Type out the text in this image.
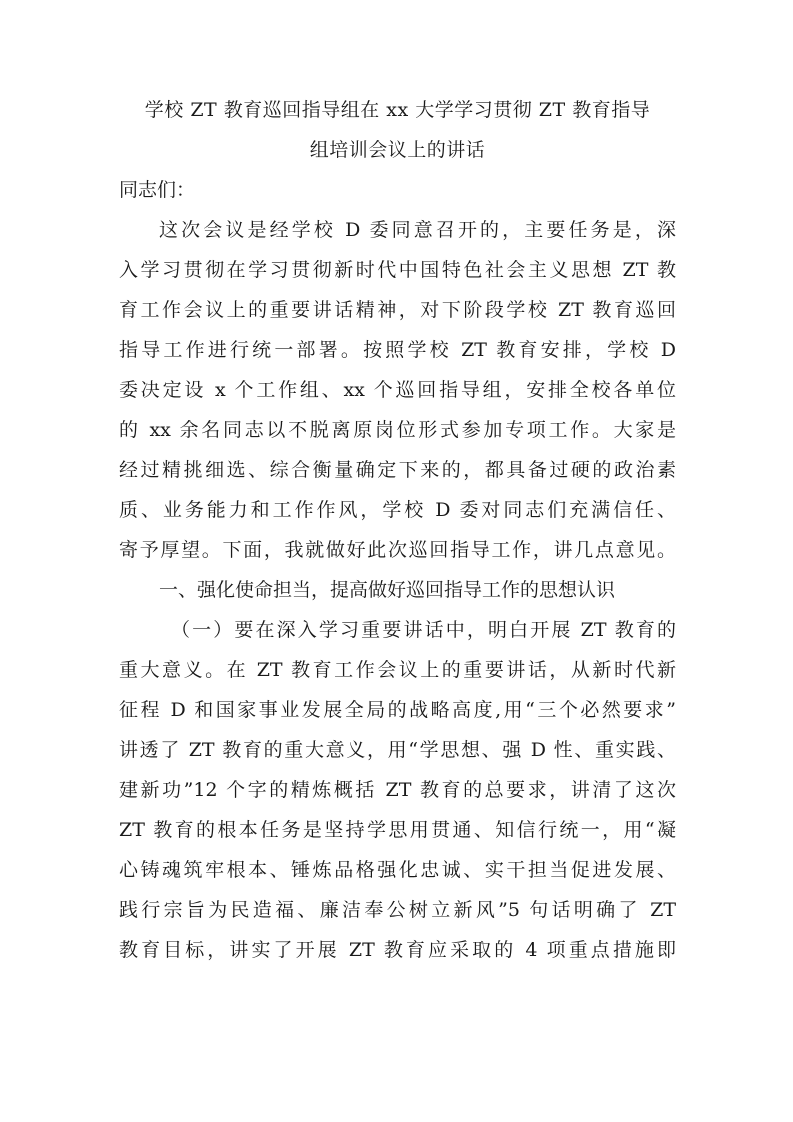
学校 ZT 教育巡回指导组在 xx 大学学习贯彻 ZT 教育指导
组培训会议上的讲话
同志们：
这次会议是经学校 D 委同意召开的，主要任务是，深
入学习贯彻在学习贯彻新时代中国特色社会主义思想 ZT 教
育工作会议上的重要讲话精神，对下阶段学校 ZT 教育巡回
指导工作进行统一部署。按照学校 ZT 教育安排，学校 D
委决定设 x 个工作组、xx 个巡回指导组，安排全校各单位
的 xx 余名同志以不脱离原岗位形式参加专项工作。大家是
经过精挑细选、综合衡量确定下来的，都具备过硬的政治素
质、业务能力和工作作风，学校 D 委对同志们充满信任、
寄予厚望。下面，我就做好此次巡回指导工作，讲几点意见。
一、强化使命担当，提高做好巡回指导工作的思想认识
（一）要在深入学习重要讲话中，明白开展 ZT 教育的
重大意义。在 ZT 教育工作会议上的重要讲话，从新时代新
征程 D 和国家事业发展全局的战略高度,用“三个必然要求”
讲透了 ZT 教育的重大意义，用“学思想、强 D 性、重实践、
建新功”12 个字的精炼概括 ZT 教育的总要求，讲清了这次
ZT 教育的根本任务是坚持学思用贯通、知信行统一，用“凝
心铸魂筑牢根本、锤炼品格强化忠诚、实干担当促进发展、
践行宗旨为民造福、廉洁奉公树立新风”5 句话明确了 ZT
教育目标，讲实了开展 ZT 教育应采取的 4 项重点措施即
